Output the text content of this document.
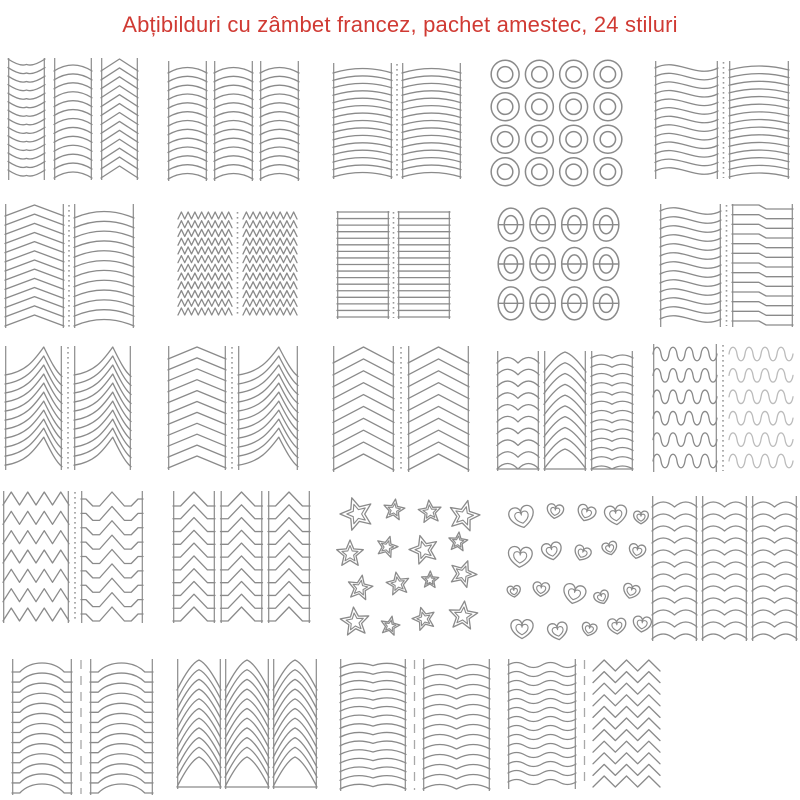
Abțibilduri cu zâmbet francez, pachet amestec, 24 stiluri
